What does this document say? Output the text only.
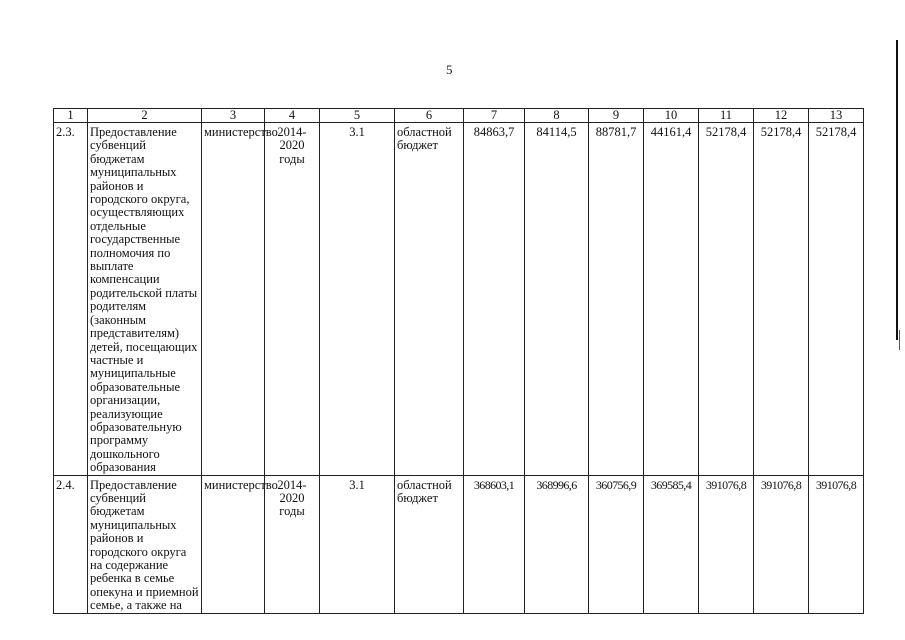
5
1	2	3	4	5	6	7	8	9	10	11	12	13
2.3.	Предоставление субвенций бюджетам муниципальных районов и городского округа, осуществляющих отдельные государственные полномочия по выплате компенсации родительской платы родителям (законным представителям) детей, посещающих частные и муниципальные образовательные организации, реализующие образовательную программу дошкольного образования	министерство	2014-2020 годы	3.1	областной бюджет	84863,7	84114,5	88781,7	44161,4	52178,4	52178,4	52178,4
2.4.	Предоставление субвенций бюджетам муниципальных районов и городского округа на содержание ребенка в семье опекуна и приемной семье, а также на	министерство	2014-2020 годы	3.1	областной бюджет	368603,1	368996,6	360756,9	369585,4	391076,8	391076,8	391076,8
